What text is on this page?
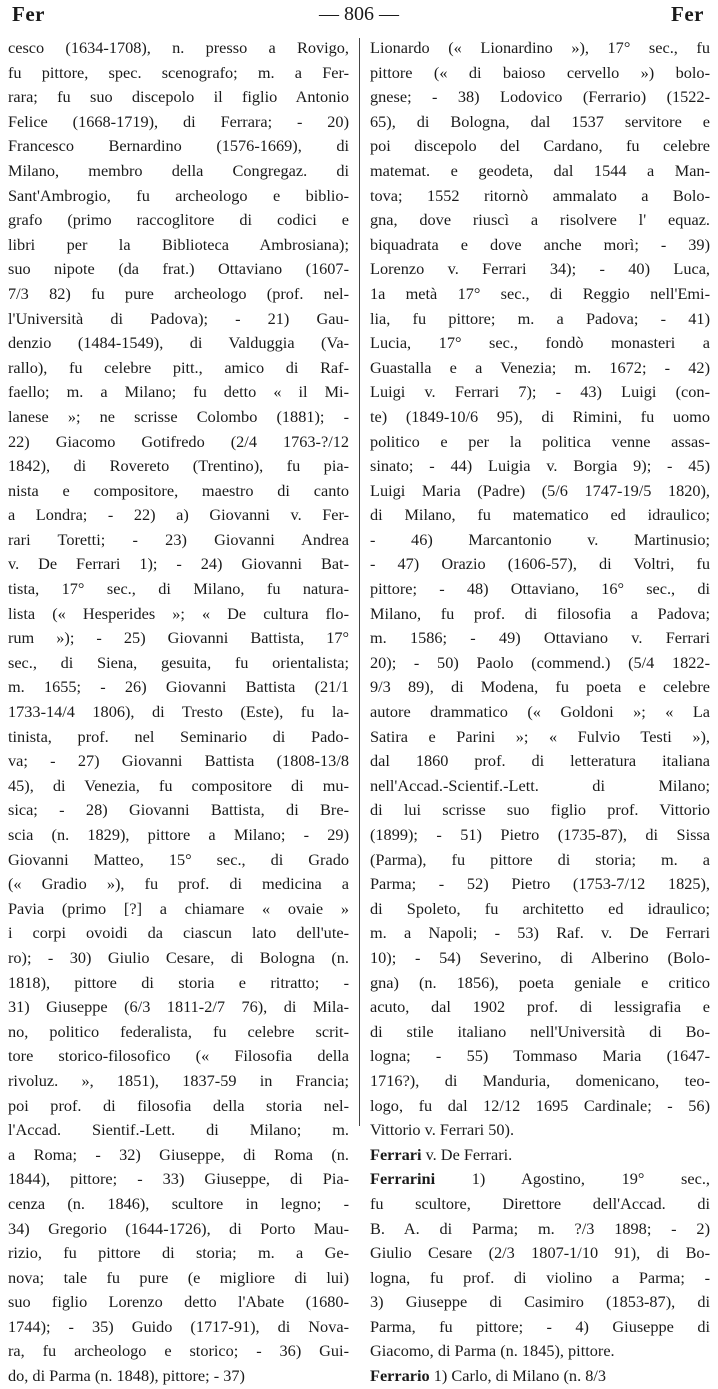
Fer	— 806 —	Fer
cesco (1634-1708), n. presso a Rovigo,
fu pittore, spec. scenografo; m. a Fer-
rara; fu suo discepolo il figlio Antonio
Felice (1668-1719), di Ferrara; - 20)
Francesco Bernardino (1576-1669), di
Milano, membro della Congregaz. di
Sant'Ambrogio, fu archeologo e biblio-
grafo (primo raccoglitore di codici e
libri per la Biblioteca Ambrosiana);
suo nipote (da frat.) Ottaviano (1607-
7/3 82) fu pure archeologo (prof. nel-
l'Università di Padova); - 21) Gau-
denzio (1484-1549), di Valduggia (Va-
rallo), fu celebre pitt., amico di Raf-
faello; m. a Milano; fu detto « il Mi-
lanese »; ne scrisse Colombo (1881); -
22) Giacomo Gotifredo (2/4 1763-?/12
1842), di Rovereto (Trentino), fu pia-
nista e compositore, maestro di canto
a Londra; - 22) a) Giovanni v. Fer-
rari Toretti; - 23) Giovanni Andrea
v. De Ferrari 1); - 24) Giovanni Bat-
tista, 17° sec., di Milano, fu natura-
lista (« Hesperides »; « De cultura flo-
rum »); - 25) Giovanni Battista, 17°
sec., di Siena, gesuita, fu orientalista;
m. 1655; - 26) Giovanni Battista (21/1
1733-14/4 1806), di Tresto (Este), fu la-
tinista, prof. nel Seminario di Pado-
va; - 27) Giovanni Battista (1808-13/8
45), di Venezia, fu compositore di mu-
sica; - 28) Giovanni Battista, di Bre-
scia (n. 1829), pittore a Milano; - 29)
Giovanni Matteo, 15° sec., di Grado
(« Gradio »), fu prof. di medicina a
Pavia (primo [?] a chiamare « ovaie »
i corpi ovoidi da ciascun lato dell'ute-
ro); - 30) Giulio Cesare, di Bologna (n.
1818), pittore di storia e ritratto; -
31) Giuseppe (6/3 1811-2/7 76), di Mila-
no, politico federalista, fu celebre scrit-
tore storico-filosofico (« Filosofia della
rivoluz. », 1851), 1837-59 in Francia;
poi prof. di filosofia della storia nel-
l'Accad. Sientif.-Lett. di Milano; m.
a Roma; - 32) Giuseppe, di Roma (n.
1844), pittore; - 33) Giuseppe, di Pia-
cenza (n. 1846), scultore in legno; -
34) Gregorio (1644-1726), di Porto Mau-
rizio, fu pittore di storia; m. a Ge-
nova; tale fu pure (e migliore di lui)
suo figlio Lorenzo detto l'Abate (1680-
1744); - 35) Guido (1717-91), di Nova-
ra, fu archeologo e storico; - 36) Gui-
do, di Parma (n. 1848), pittore; - 37)
Lionardo (« Lionardino »), 17° sec., fu
pittore (« di baioso cervello ») bolo-
gnese; - 38) Lodovico (Ferrario) (1522-
65), di Bologna, dal 1537 servitore e
poi discepolo del Cardano, fu celebre
matemat. e geodeta, dal 1544 a Man-
tova; 1552 ritornò ammalato a Bolo-
gna, dove riuscì a risolvere l' equaz.
biquadrata e dove anche morì; - 39)
Lorenzo v. Ferrari 34); - 40) Luca,
1a metà 17° sec., di Reggio nell'Emi-
lia, fu pittore; m. a Padova; - 41)
Lucia, 17° sec., fondò monasteri a
Guastalla e a Venezia; m. 1672; - 42)
Luigi v. Ferrari 7); - 43) Luigi (con-
te) (1849-10/6 95), di Rimini, fu uomo
politico e per la politica venne assas-
sinato; - 44) Luigia v. Borgia 9); - 45)
Luigi Maria (Padre) (5/6 1747-19/5 1820),
di Milano, fu matematico ed idraulico;
- 46) Marcantonio v. Martinusio;
- 47) Orazio (1606-57), di Voltri, fu
pittore; - 48) Ottaviano, 16° sec., di
Milano, fu prof. di filosofia a Padova;
m. 1586; - 49) Ottaviano v. Ferrari
20); - 50) Paolo (commend.) (5/4 1822-
9/3 89), di Modena, fu poeta e celebre
autore drammatico (« Goldoni »; « La
Satira e Parini »; « Fulvio Testi »),
dal 1860 prof. di letteratura italiana
nell'Accad.-Scientif.-Lett. di Milano;
di lui scrisse suo figlio prof. Vittorio
(1899); - 51) Pietro (1735-87), di Sissa
(Parma), fu pittore di storia; m. a
Parma; - 52) Pietro (1753-7/12 1825),
di Spoleto, fu architetto ed idraulico;
m. a Napoli; - 53) Raf. v. De Ferrari
10); - 54) Severino, di Alberino (Bolo-
gna) (n. 1856), poeta geniale e critico
acuto, dal 1902 prof. di lessigrafia e
di stile italiano nell'Università di Bo-
logna; - 55) Tommaso Maria (1647-
1716?), di Manduria, domenicano, teo-
logo, fu dal 12/12 1695 Cardinale; - 56)
Vittorio v. Ferrari 50).
Ferrari v. De Ferrari.
Ferrarini 1) Agostino, 19° sec.,
fu scultore, Direttore dell'Accad. di
B. A. di Parma; m. ?/3 1898; - 2)
Giulio Cesare (2/3 1807-1/10 91), di Bo-
logna, fu prof. di violino a Parma; -
3) Giuseppe di Casimiro (1853-87), di
Parma, fu pittore; - 4) Giuseppe di
Giacomo, di Parma (n. 1845), pittore.
Ferrario 1) Carlo, di Milano (n. 8/3
